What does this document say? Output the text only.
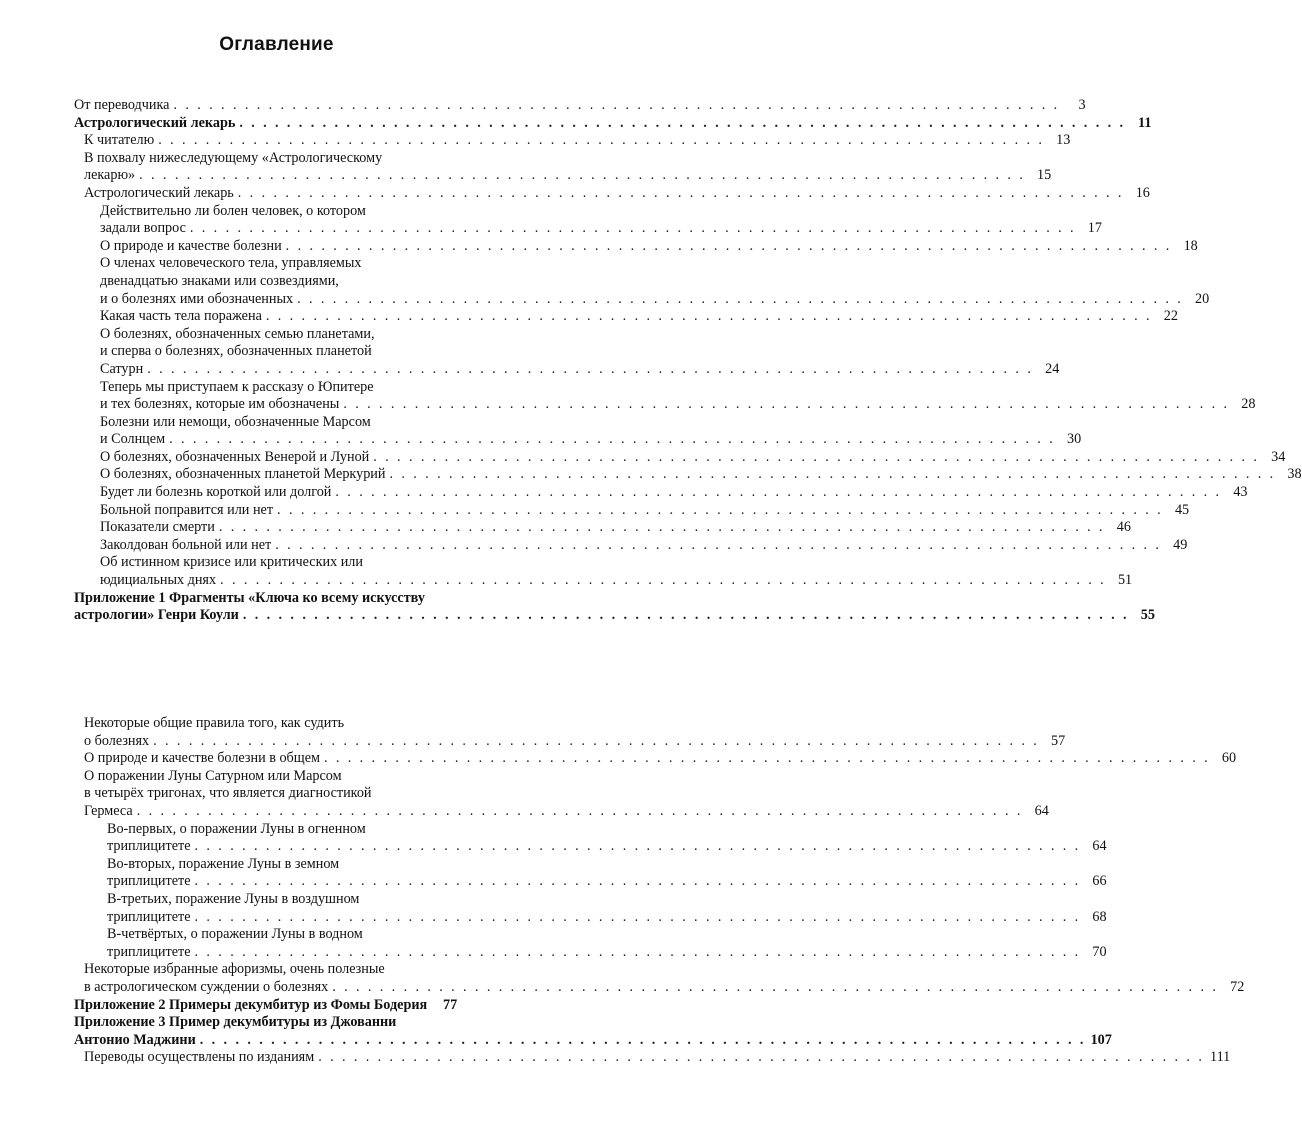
Оглавление
От переводчика . . . . . . . . . . . . . . . . . . . . . . . . . . . . . . . . . . . . . . . . . . . . . . . . . . . . . . . . . . . . . . . . . . . . . . . . . . .	3
Астрологический лекарь . . . . . . . . . . . . . . . . . . . . . . . . . . . . . . . . . . . . . . . . . . . . . . . . . . . . . . . . . . . . . . . . . . . . . . . . . . . 11
К читателю . . . . . . . . . . . . . . . . . . . . . . . . . . . . . . . . . . . . . . . . . . . . . . . . . . . . . . . . . . . . . . . . . . . . . . . . . . . 13
В похвалу нижеследующему «Астрологическому
лекарю» . . . . . . . . . . . . . . . . . . . . . . . . . . . . . . . . . . . . . . . . . . . . . . . . . . . . . . . . . . . . . . . . . . . . . . . . . . . 15
Астрологический лекарь . . . . . . . . . . . . . . . . . . . . . . . . . . . . . . . . . . . . . . . . . . . . . . . . . . . . . . . . . . . . . . . . . . . . . . . . . . . 16
Действительно ли болен человек, о котором
задали вопрос . . . . . . . . . . . . . . . . . . . . . . . . . . . . . . . . . . . . . . . . . . . . . . . . . . . . . . . . . . . . . . . . . . . . . . . . . . . 17
О природе и качестве болезни . . . . . . . . . . . . . . . . . . . . . . . . . . . . . . . . . . . . . . . . . . . . . . . . . . . . . . . . . . . . . . . . . . . . . . . . . . . 18
О членах человеческого тела, управляемых
двенадцатью знаками или созвездиями,
и о болезнях ими обозначенных . . . . . . . . . . . . . . . . . . . . . . . . . . . . . . . . . . . . . . . . . . . . . . . . . . . . . . . . . . . . . . . . . . . . . . . . . . . 20
Какая часть тела поражена . . . . . . . . . . . . . . . . . . . . . . . . . . . . . . . . . . . . . . . . . . . . . . . . . . . . . . . . . . . . . . . . . . . . . . . . . . . 22
О болезнях, обозначенных семью планетами,
и сперва о болезнях, обозначенных планетой
Сатурн . . . . . . . . . . . . . . . . . . . . . . . . . . . . . . . . . . . . . . . . . . . . . . . . . . . . . . . . . . . . . . . . . . . . . . . . . . . 24
Теперь мы приступаем к рассказу о Юпитере
и тех болезнях, которые им обозначены . . . . . . . . . . . . . . . . . . . . . . . . . . . . . . . . . . . . . . . . . . . . . . . . . . . . . . . . . . . . . . . . . . . . . . . . . . . 28
Болезни или немощи, обозначенные Марсом
и Солнцем . . . . . . . . . . . . . . . . . . . . . . . . . . . . . . . . . . . . . . . . . . . . . . . . . . . . . . . . . . . . . . . . . . . . . . . . . . . 30
О болезнях, обозначенных Венерой и Луной . . . . . . . . . . . . . . . . . . . . . . . . . . . . . . . . . . . . . . . . . . . . . . . . . . . . . . . . . . . . . . . . . . . . . . . . . . . 34
О болезнях, обозначенных планетой Меркурий . . . . . . . . . . . . . . . . . . . . . . . . . . . . . . . . . . . . . . . . . . . . . . . . . . . . . . . . . . . . . . . . . . . . . . . . . . . 38
Будет ли болезнь короткой или долгой . . . . . . . . . . . . . . . . . . . . . . . . . . . . . . . . . . . . . . . . . . . . . . . . . . . . . . . . . . . . . . . . . . . . . . . . . . . 43
Больной поправится или нет . . . . . . . . . . . . . . . . . . . . . . . . . . . . . . . . . . . . . . . . . . . . . . . . . . . . . . . . . . . . . . . . . . . . . . . . . . . 45
Показатели смерти . . . . . . . . . . . . . . . . . . . . . . . . . . . . . . . . . . . . . . . . . . . . . . . . . . . . . . . . . . . . . . . . . . . . . . . . . . . 46
Заколдован больной или нет . . . . . . . . . . . . . . . . . . . . . . . . . . . . . . . . . . . . . . . . . . . . . . . . . . . . . . . . . . . . . . . . . . . . . . . . . . . 49
Об истинном кризисе или критических или
юдициальных днях . . . . . . . . . . . . . . . . . . . . . . . . . . . . . . . . . . . . . . . . . . . . . . . . . . . . . . . . . . . . . . . . . . . . . . . . . . . 51
Приложение 1 Фрагменты «Ключа ко всему искусству
астрологии» Генри Коули . . . . . . . . . . . . . . . . . . . . . . . . . . . . . . . . . . . . . . . . . . . . . . . . . . . . . . . . . . . . . . . . . . . . . . . . . . . 55
Некоторые общие правила того, как судить
о болезнях . . . . . . . . . . . . . . . . . . . . . . . . . . . . . . . . . . . . . . . . . . . . . . . . . . . . . . . . . . . . . . . . . . . . . . . . . . . 57
О природе и качестве болезни в общем . . . . . . . . . . . . . . . . . . . . . . . . . . . . . . . . . . . . . . . . . . . . . . . . . . . . . . . . . . . . . . . . . . . . . . . . . . . 60
О поражении Луны Сатурном или Марсом
в четырёх тригонах, что является диагностикой
Гермеса . . . . . . . . . . . . . . . . . . . . . . . . . . . . . . . . . . . . . . . . . . . . . . . . . . . . . . . . . . . . . . . . . . . . . . . . . . . 64
Во-первых, о поражении Луны в огненном
триплицитете . . . . . . . . . . . . . . . . . . . . . . . . . . . . . . . . . . . . . . . . . . . . . . . . . . . . . . . . . . . . . . . . . . . . . . . . . . . 64
Во-вторых, поражение Луны в земном
триплицитете . . . . . . . . . . . . . . . . . . . . . . . . . . . . . . . . . . . . . . . . . . . . . . . . . . . . . . . . . . . . . . . . . . . . . . . . . . . 66
В-третьих, поражение Луны в воздушном
триплицитете . . . . . . . . . . . . . . . . . . . . . . . . . . . . . . . . . . . . . . . . . . . . . . . . . . . . . . . . . . . . . . . . . . . . . . . . . . . 68
В-четвёртых, о поражении Луны в водном
триплицитете . . . . . . . . . . . . . . . . . . . . . . . . . . . . . . . . . . . . . . . . . . . . . . . . . . . . . . . . . . . . . . . . . . . . . . . . . . . 70
Некоторые избранные афоризмы, очень полезные
в астрологическом суждении о болезнях . . . . . . . . . . . . . . . . . . . . . . . . . . . . . . . . . . . . . . . . . . . . . . . . . . . . . . . . . . . . . . . . . . . . . . . . . . . 72
Приложение 2 Примеры декумбитур из Фомы Бодерия	77
Приложение 3 Пример декумбитуры из Джованни
Антонио Маджини . . . . . . . . . . . . . . . . . . . . . . . . . . . . . . . . . . . . . . . . . . . . . . . . . . . . . . . . . . . . . . . . . . . . . . . . . . . 107
Переводы осуществлены по изданиям . . . . . . . . . . . . . . . . . . . . . . . . . . . . . . . . . . . . . . . . . . . . . . . . . . . . . . . . . . . . . . . . . . . . . . . . . . . 111
